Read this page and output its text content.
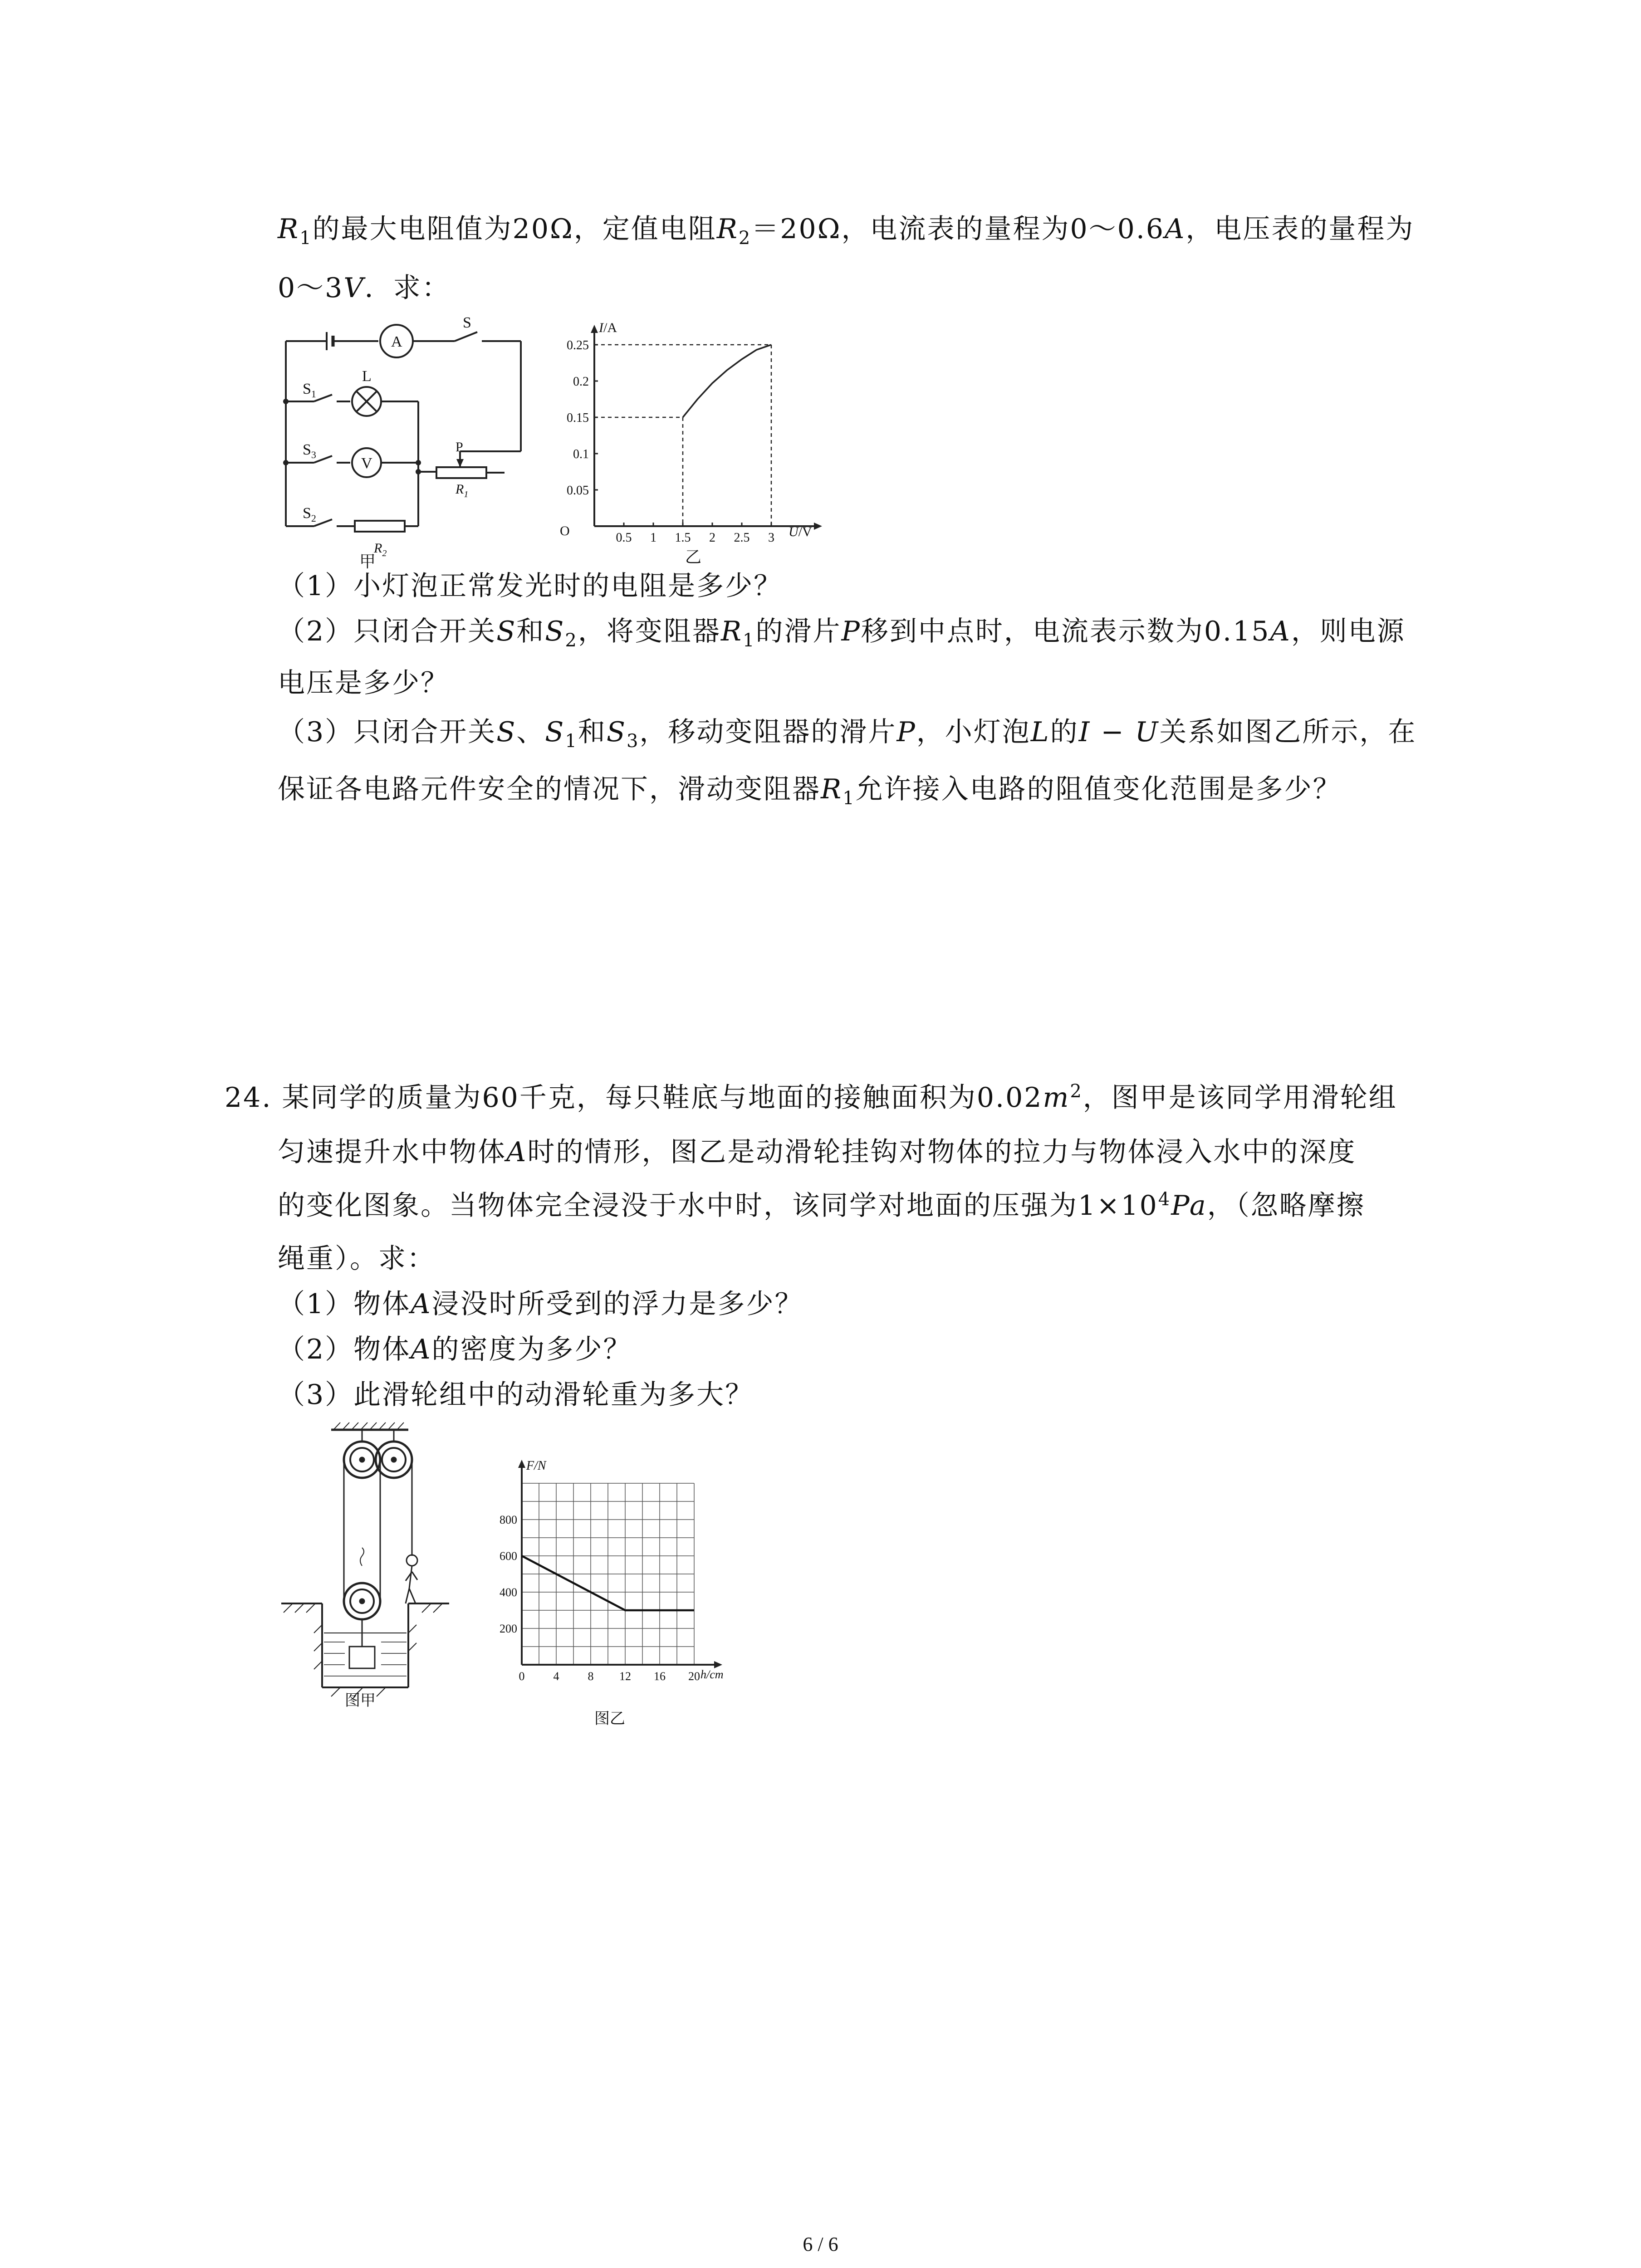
$R_1$的最大电阻值为20Ω，定值电阻$R_2=20\Omega$，电流表的量程为0～0.6A，电压表的量程为
0～3V．求：
A
S
L
$S_1$
V
$S_3$
$S_2$
P
$R_1$
$R_2$
甲
I/A
U/V
O	0.5 1 1.5 2 2.5 3
0.05
0.1
0.15
0.2
0.25
乙
（1）小灯泡正常发光时的电阻是多少？
（2）只闭合开关S和$S_2$，将变阻器$R_1$的滑片P移到中点时，电流表示数为0.15A，则电源
电压是多少？
（3）只闭合开关S、$S_1$和$S_3$，移动变阻器的滑片P，小灯泡L的I − U关系如图乙所示，在
保证各电路元件安全的情况下，滑动变阻器$R_1$允许接入电路的阻值变化范围是多少？
24. 某同学的质量为60千克，每只鞋底与地面的接触面积为$0.02m^2$，图甲是该同学用滑轮组
匀速提升水中物体A时的情形，图乙是动滑轮挂钩对物体的拉力与物体浸入水中的深度
的变化图象。当物体完全浸没于水中时，该同学对地面的压强为$1\times 10^4Pa$，（忽略摩擦
绳重）。求：
（1）物体A浸没时所受到的浮力是多少？
（2）物体A的密度为多少？
（3）此滑轮组中的动滑轮重为多大？
图甲
F/N
h/cm
0 4 8 12 16 20
200
400
600
800
图乙
6 / 6
